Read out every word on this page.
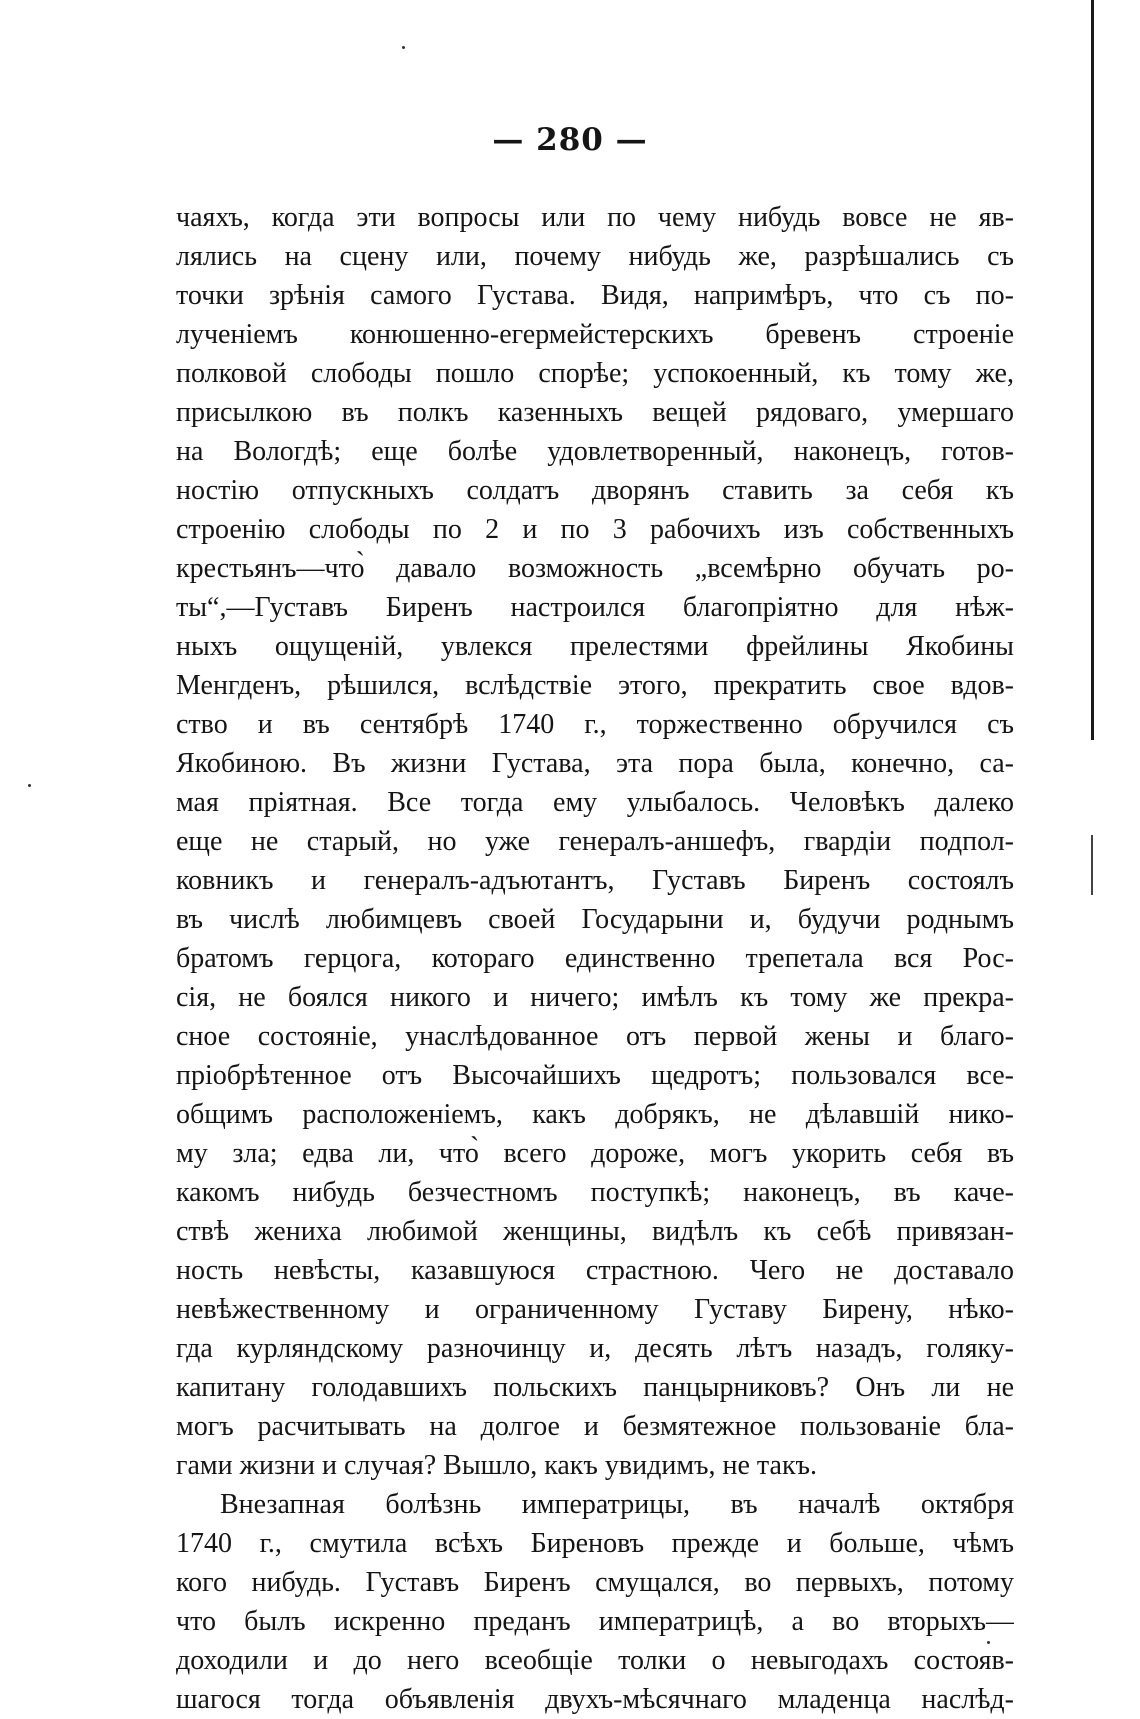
— 280 —
чаяхъ, когда эти вопросы или по чему нибудь вовсе не яв-
лялись на сцену или, почему нибудь же, разрѣшались съ
точки зрѣнія самого Густава. Видя, напримѣръ, что съ по-
лученіемъ конюшенно-егермейстерскихъ бревенъ строеніе
полковой слободы пошло спорѣе; успокоенный, къ тому же,
присылкою въ полкъ казенныхъ вещей рядоваго, умершаго
на Вологдѣ; еще болѣе удовлетворенный, наконецъ, готов-
ностію отпускныхъ солдатъ дворянъ ставить за себя къ
строенію слободы по 2 и по 3 рабочихъ изъ собственныхъ
крестьянъ—что̀ давало возможность „всемѣрно обучать ро-
ты“,—Густавъ Биренъ настроился благопріятно для нѣж-
ныхъ ощущеній, увлекся прелестями фрейлины Якобины
Менгденъ, рѣшился, вслѣдствіе этого, прекратить свое вдов-
ство и въ сентябрѣ 1740 г., торжественно обручился съ
Якобиною. Въ жизни Густава, эта пора была, конечно, са-
мая пріятная. Все тогда ему улыбалось. Человѣкъ далеко
еще не старый, но уже генералъ-аншефъ, гвардіи подпол-
ковникъ и генералъ-адъютантъ, Густавъ Биренъ состоялъ
въ числѣ любимцевъ своей Государыни и, будучи роднымъ
братомъ герцога, котораго единственно трепетала вся Рос-
сія, не боялся никого и ничего; имѣлъ къ тому же прекра-
сное состояніе, унаслѣдованное отъ первой жены и благо-
пріобрѣтенное отъ Высочайшихъ щедротъ; пользовался все-
общимъ расположеніемъ, какъ добрякъ, не дѣлавшій нико-
му зла; едва ли, что̀ всего дороже, могъ укорить себя въ
какомъ нибудь безчестномъ поступкѣ; наконецъ, въ каче-
ствѣ жениха любимой женщины, видѣлъ къ себѣ привязан-
ность невѣсты, казавшуюся страстною. Чего не доставало
невѣжественному и ограниченному Густаву Бирену, нѣко-
гда курляндскому разночинцу и, десять лѣтъ назадъ, голяку-
капитану голодавшихъ польскихъ панцырниковъ? Онъ ли не
могъ расчитывать на долгое и безмятежное пользованіе бла-
гами жизни и случая? Вышло, какъ увидимъ, не такъ.
Внезапная болѣзнь императрицы, въ началѣ октября
1740 г., смутила всѣхъ Биреновъ прежде и больше, чѣмъ
кого нибудь. Густавъ Биренъ смущался, во первыхъ, потому
что былъ искренно преданъ императрицѣ, а во вторыхъ—
доходили и до него всеобщіе толки о невыгодахъ состояв-
шагося тогда объявленія двухъ-мѣсячнаго младенца наслѣд-
